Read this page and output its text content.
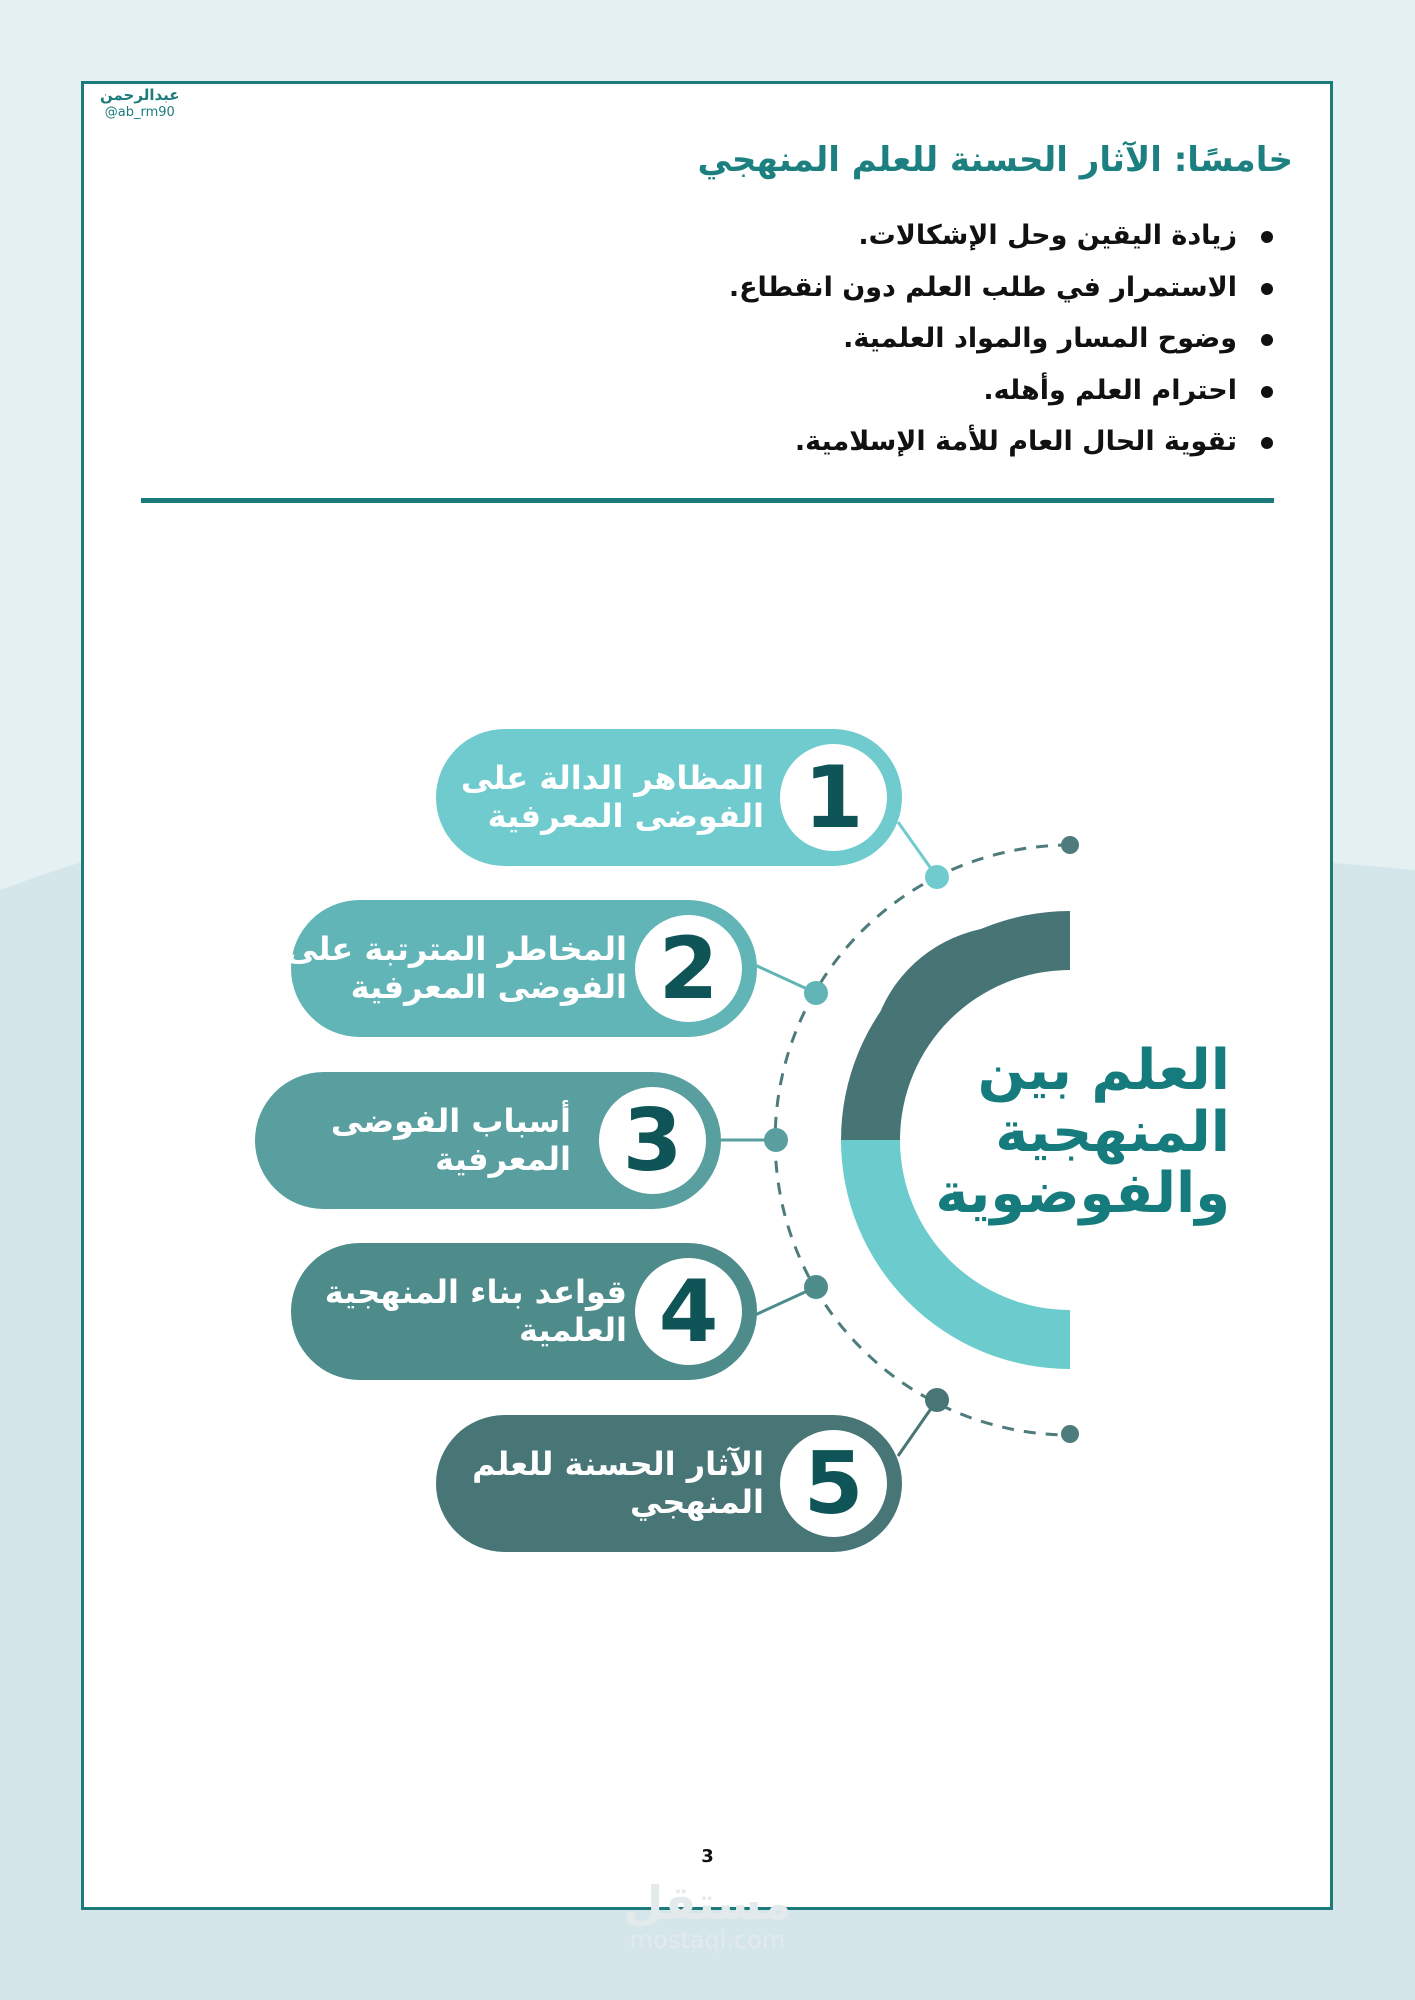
عبدالرحمن
@ab_rm90
خامسًا: الآثار الحسنة للعلم المنهجي
زيادة اليقين وحل الإشكالات.
الاستمرار في طلب العلم دون انقطاع.
وضوح المسار والمواد العلمية.
احترام العلم وأهله.
تقوية الحال العام للأمة الإسلامية.
المظاهر الدالة على
الفوضى المعرفية 1
المخاطر المترتبة على
الفوضى المعرفية 2
أسباب الفوضى
المعرفية 3
قواعد بناء المنهجية
العلمية 4
الآثار الحسنة للعلم
المنهجي 5
العلم بين
المنهجية
والفوضوية
3
مستقل
mostaql.com
